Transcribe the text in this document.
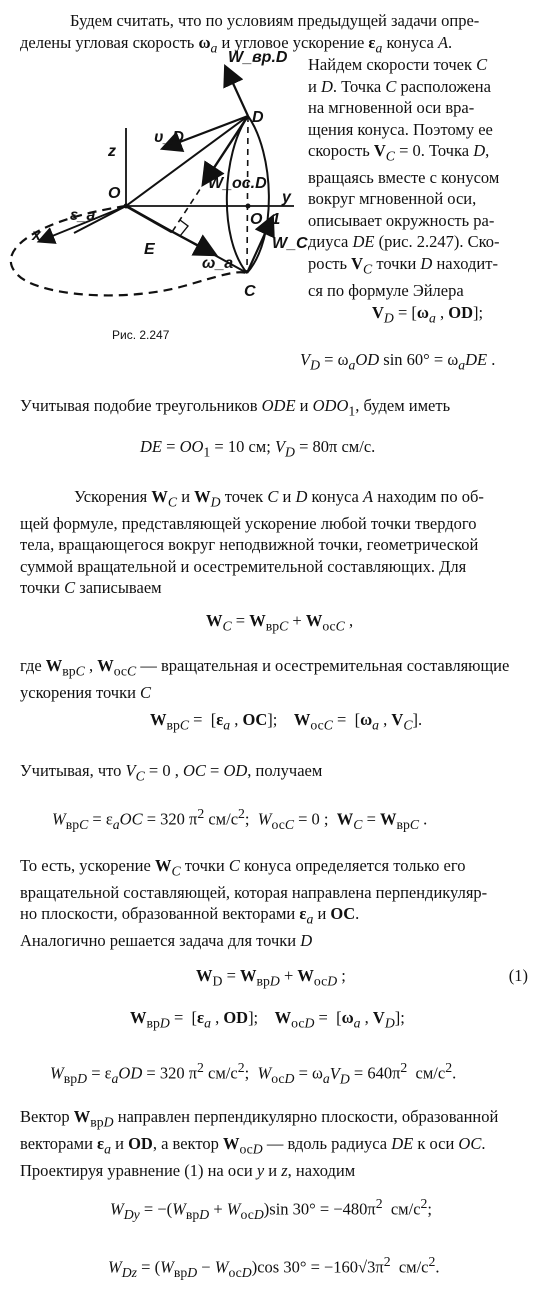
Будем считать, что по условиям предыдущей задачи опре-
делены угловая скорость $\omega_a$ и угловое ускорение $\varepsilon_a$ конуса A.
W_вр.D
υ_D
D
z
O
ε_a
W_ос.D
O_1
y
x
E
ω_a
C
W_C
Найдем скорости точек C
и D. Точка C расположена
на мгновенной оси вра-
щения конуса. Поэтому ее
скорость $V_C = 0$. Точка D,
вращаясь вместе с конусом
вокруг мгновенной оси,
описывает окружность ра-
диуса DE (рис. 2.247). Ско-
рость $V_C$ точки D находит-
ся по формуле Эйлера
$V_D = [\omega_a$ , OD];
Рис. 2.247
$V_D = \omega_aOD$ $\sin 60^\circ = \omega_aDE$ .
Учитывая подобие треугольников ODE и $ODO_1$, будем иметь
DE = $OO_1 = 10$ см; $V_D = 80\pi$ см/с.
Ускорения $W_C$ и $W_D$ точек C и D конуса A находим по об-
щей формуле, представляющей ускорение любой точки твердого
тела, вращающегося вокруг неподвижной точки, геометрической
суммой вращательной и осестремительной составляющих. Для
точки C записываем
$W_C = W_{врC} + W_{осC}$ ,
где $W_{врC}$ , $W_{осC}$ — вращательная и осестремительная составляющие
ускорения точки C
$W_{врC} = [\varepsilon_a$ , OC];    $W_{осC} = [\omega_a$ , $V_C$].
Учитывая, что $V_C = 0$ , OC = OD, получаем
$W_{врC} = \varepsilon_aOC = 320$ $\pi^2$ $см/с^2$;  $W_{осC} = 0$ ;  $W_C = W_{врC}$ .
То есть, ускорение $W_C$ точки C конуса определяется только его
вращательной составляющей, которая направлена перпендикуляр-
но плоскости, образованной векторами $\varepsilon_a$ и OC.
Аналогично решается задача для точки D
$W_D = W_{врD} + W_{осD}$ ;	(1)
$W_{врD} = [\varepsilon_a$ , OD];    $W_{осD} = [\omega_a$ , $V_D$];
$W_{врD} = \varepsilon_aOD = 320$ $\pi^2$ $см/с^2$;  $W_{осD} = \omega_aV_D = 640\pi^2$  $см/с^2$.
Вектор $W_{врD}$ направлен перпендикулярно плоскости, образованной
векторами $\varepsilon_a$ и OD, а вектор $W_{осD}$ — вдоль радиуса DE к оси OC.
Проектируя уравнение (1) на оси y и z, находим
$W_{Dy} = -(W_{врD} + W_{осD})\sin$ $30^\circ = -480\pi^2$  $см/с^2$;
$W_{Dz} = (W_{врD} - W_{осD})\cos$ $30^\circ = -160√3\pi^2$  $см/с^2$.
